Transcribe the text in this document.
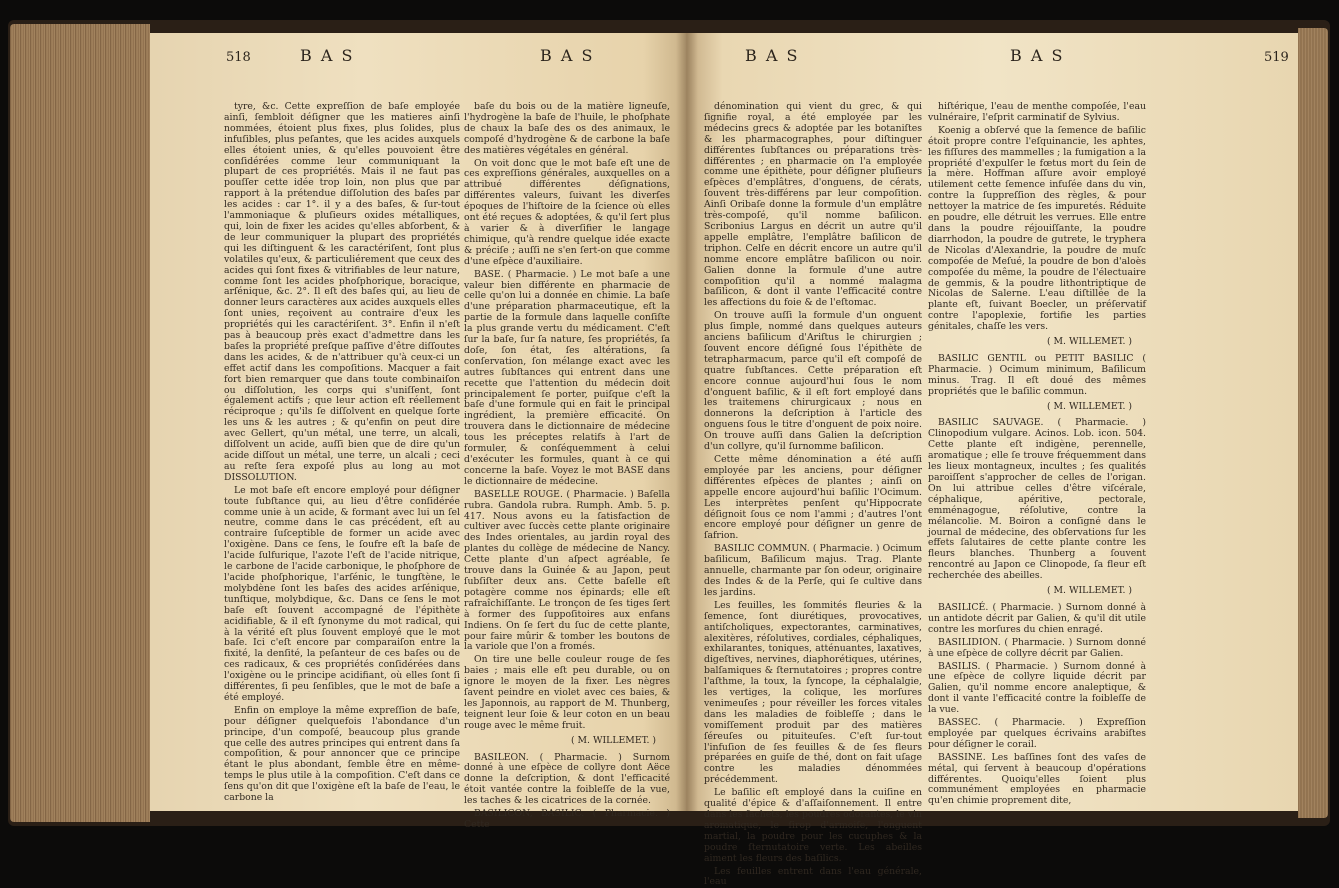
518	B A S	B A S	B A S	B A S	519

tyre, &c. Cette expreſſion de baſe employée ainſi, ſembloit déſigner que les matieres ainſi nommées, étoient plus fixes, plus ſolides, plus infuſibles, plus peſantes, que les acides auxquels elles étoient unies, & qu'elles pouvoient être conſidérées comme leur communiquant la plupart de ces propriétés. Mais il ne faut pas pouſſer cette idée trop loin, non plus que par rapport à la prétendue diſſolution des baſes par les acides : car 1°. il y a des baſes, & ſur-tout l'ammoniaque & pluſieurs oxides métalliques, qui, loin de fixer les acides qu'elles abſorbent, & de leur communiquer la plupart des propriétés qui les diſtinguent & les caractériſent, ſont plus volatiles qu'eux, & particuliérement que ceux des acides qui ſont fixes & vitrifiables de leur nature, comme ſont les acides phoſphorique, boracique, arſénique, &c. 2°. Il eſt des baſes qui, au lieu de donner leurs caractères aux acides auxquels elles ſont unies, reçoivent au contraire d'eux les propriétés qui les caractériſent. 3°. Enfin il n'eſt pas à beaucoup près exact d'admettre dans les baſes la propriété preſque paſſive d'être diſſoutes dans les acides, & de n'attribuer qu'à ceux-ci un effet actif dans les compoſitions. Macquer a fait fort bien remarquer que dans toute combinaiſon ou diſſolution, les corps qui s'uniſſent, ſont également actifs ; que leur action eſt réellement réciproque ; qu'ils ſe diſſolvent en quelque ſorte les uns & les autres ; & qu'enfin on peut dire avec Gellert, qu'un métal, une terre, un alcali, diſſolvent un acide, auſſi bien que de dire qu'un acide diſſout un métal, une terre, un alcali ; ceci au reſte ſera expoſé plus au long au mot DISSOLUTION.

Le mot baſe eſt encore employé pour déſigner toute ſubſtance qui, au lieu d'être conſidérée comme unie à un acide, & formant avec lui un ſel neutre, comme dans le cas précédent, eſt au contraire ſuſceptible de former un acide avec l'oxigène. Dans ce ſens, le ſoufre eſt la baſe de l'acide ſulfurique, l'azote l'eſt de l'acide nitrique, le carbone de l'acide carbonique, le phoſphore de l'acide phoſphorique, l'arſénic, le tungſtène, le molybdène ſont les baſes des acides arſénique, tunſtique, molybdique, &c. Dans ce ſens le mot baſe eſt ſouvent accompagné de l'épithète acidifiable, & il eſt ſynonyme du mot radical, qui à la vérité eſt plus ſouvent employé que le mot baſe. Ici c'eſt encore par comparaiſon entre la fixité, la denſité, la peſanteur de ces baſes ou de ces radicaux, & ces propriétés conſidérées dans l'oxigène ou le principe acidifiant, où elles ſont ſi différentes, ſi peu ſenſibles, que le mot de baſe a été employé.

Enfin on employe la même expreſſion de baſe, pour déſigner quelquefois l'abondance d'un principe, d'un compoſé, beaucoup plus grande que celle des autres principes qui entrent dans ſa compoſition, & pour annoncer que ce principe étant le plus abondant, ſemble être en même-temps le plus utile à la compoſition. C'eſt dans ce ſens qu'on dit que l'oxigène eſt la baſe de l'eau, le carbone la

baſe du bois ou de la matière ligneuſe, l'hydrogène la baſe de l'huile, le phoſphate de chaux la baſe des os des animaux, le compoſé d'hydrogène & de carbone la baſe des matières végétales en général.

On voit donc que le mot baſe eſt une de ces expreſſions générales, auxquelles on a attribué différentes déſignations, différentes valeurs, ſuivant les diverſes époques de l'hiſtoire de la ſcience où elles ont été reçues & adoptées, & qu'il ſert plus à varier & à diverſifier le langage chimique, qu'à rendre quelque idée exacte & préciſe ; auſſi ne s'en ſert-on que comme d'une eſpèce d'auxiliaire.

BASE. ( Pharmacie. ) Le mot baſe a une valeur bien différente en pharmacie de celle qu'on lui a donnée en chimie. La baſe d'une préparation pharmaceutique, eſt la partie de la formule dans laquelle conſiſte la plus grande vertu du médicament. C'eſt ſur la baſe, ſur ſa nature, ſes propriétés, ſa doſe, ſon état, ſes altérations, ſa conſervation, ſon mélange exact avec les autres ſubſtances qui entrent dans une recette que l'attention du médecin doit principalement ſe porter, puiſque c'eſt la baſe d'une formule qui en fait le principal ingrédient, la première efficacité. On trouvera dans le dictionnaire de médecine tous les préceptes relatifs à l'art de formuler, & conſéquemment à celui d'exécuter les formules, quant à ce qui concerne la baſe. Voyez le mot BASE dans le dictionnaire de médecine.

BASELLE ROUGE. ( Pharmacie. ) Baſella rubra. Gandola rubra. Rumph. Amb. 5. p. 417. Nous avons eu la ſatisfaction de cultiver avec ſuccès cette plante originaire des Indes orientales, au jardin royal des plantes du collège de médecine de Nancy. Cette plante d'un aſpect agréable, ſe trouve dans la Guinée & au Japon, peut ſubſiſter deux ans. Cette baſelle eſt potagère comme nos épinards; elle eſt rafraîchiſſante. Le tronçon de ſes tiges ſert à former des ſuppoſitoires aux enfans Indiens. On ſe ſert du ſuc de cette plante, pour faire mûrir & tomber les boutons de la variole que l'on a fromés.

On tire une belle couleur rouge de ſes baies ; mais elle eſt peu durable, ou on ignore le moyen de la fixer. Les nègres ſavent peindre en violet avec ces baies, & les Japonnois, au rapport de M. Thunberg, teignent leur ſoie & leur coton en un beau rouge avec le même fruit.

( M. WILLEMET. )

BASILEON. ( Pharmacie. ) Surnom donné à une eſpèce de collyre dont Aëce donne la deſcription, & dont l'efficacité étoit vantée contre la foibleſſe de la vue, les taches & les cicatrices de la cornée.

BASILICON, BASILIC. ( Pharmacie. ) Cette

dénomination qui vient du grec, & qui ſignifie royal, a été employée par les médecins grecs & adoptée par les botaniſtes & les pharmacographes, pour diſtinguer différentes ſubſtances ou préparations très-différentes ; en pharmacie on l'a employée comme une épithète, pour déſigner pluſieurs eſpèces d'emplâtres, d'onguens, de cérats, ſouvent très-différens par leur compoſition. Ainſi Oribaſe donne la formule d'un emplâtre très-compoſé, qu'il nomme baſilicon. Scribonius Largus en décrit un autre qu'il appelle emplâtre, l'emplâtre baſilicon de triphon. Celſe en décrit encore un autre qu'il nomme encore emplâtre baſilicon ou noir. Galien donne la formule d'une autre compoſition qu'il a nommé malagma baſilicon, & dont il vante l'efficacité contre les affections du foie & de l'eſtomac.

On trouve auſſi la formule d'un onguent plus ſimple, nommé dans quelques auteurs anciens baſilicum d'Ariſtus le chirurgien ; ſouvent encore déſigné ſous l'épithète de tetrapharmacum, parce qu'il eſt compoſé de quatre ſubſtances. Cette préparation eſt encore connue aujourd'hui ſous le nom d'onguent baſilic, & il eſt fort employé dans les traitemens chirurgicaux ; nous en donnerons la deſcription à l'article des onguens ſous le titre d'onguent de poix noire. On trouve auſſi dans Galien la deſcription d'un collyre, qu'il ſurnomme baſilicon.

Cette même dénomination a été auſſi employée par les anciens, pour déſigner différentes eſpèces de plantes ; ainſi on appelle encore aujourd'hui baſilic l'Ocimum. Les interprètes penſent qu'Hippocrate déſignoit ſous ce nom l'ammi ; d'autres l'ont encore employé pour déſigner un genre de ſafrion.

BASILIC COMMUN. ( Pharmacie. ) Ocimum baſilicum, Baſilicum majus. Trag. Plante annuelle, charmante par ſon odeur, originaire des Indes & de la Perſe, qui ſe cultive dans les jardins.

Les feuilles, les ſommités fleuries & la ſemence, ſont diurétiques, provocatives, antiſcholiques, expectorantes, carminatives, alexitères, réſolutives, cordiales, céphaliques, exhilarantes, toniques, atténuantes, laxatives, digeſtives, nervines, diaphorétiques, utérines, balſamiques & ſternutatoires ; propres contre l'aſthme, la toux, la ſyncope, la céphalalgie, les vertiges, la colique, les morſures venimeuſes ; pour réveiller les forces vitales dans les maladies de foibleſſe ; dans le vomiſſement produit par des matières ſéreuſes ou pituiteuſes. C'eſt ſur-tout l'infuſion de ſes feuilles & de ſes fleurs préparées en guiſe de thé, dont on fait uſage contre les maladies dénommées précédemment.

Le baſilic eſt employé dans la cuiſine en qualité d'épice & d'aſſaiſonnement. Il entre dans les ſachets, les poudres odorantes, le vin aromatique, le ſirop d'armoiſe, l'onguent martial, la poudre pour les cucuphes & la poudre ſternutatoire verte. Les abeilles aiment les fleurs des baſilics.

Les feuilles entrent dans l'eau générale, l'eau

hiſtérique, l'eau de menthe compoſée, l'eau vulnéraire, l'eſprit carminatif de Sylvius.

Koenig a obſervé que la ſemence de baſilic étoit propre contre l'eſquinancie, les aphtes, les fiſſures des mammelles ; la fumigation a la propriété d'expulſer le fœtus mort du ſein de la mère. Hoffman aſſure avoir employé utilement cette ſemence infuſée dans du vin, contre la ſuppreſſion des règles, & pour nettoyer la matrice de ſes impuretés. Réduite en poudre, elle détruit les verrues. Elle entre dans la poudre réjouiſſante, la poudre diarrhodon, la poudre de gutrete, le tryphera de Nicolas d'Alexandrie, la poudre de muſc compoſée de Meſué, la poudre de bon d'aloès compoſée du même, la poudre de l'électuaire de gemmis, & la poudre lithontriptique de Nicolas de Salerne. L'eau diſtillée de la plante eſt, ſuivant Boecler, un préſervatif contre l'apoplexie, fortifie les parties génitales, chaſſe les vers.

( M. WILLEMET. )

BASILIC GENTIL ou PETIT BASILIC ( Pharmacie. ) Ocimum minimum, Baſilicum minus. Trag. Il eſt doué des mêmes propriétés que le baſilic commun.

( M. WILLEMET. )

BASILIC SAUVAGE. ( Pharmacie. ) Clinopodium vulgare. Acinos. Lob. icon. 504. Cette plante eſt indigène, perennelle, aromatique ; elle ſe trouve fréquemment dans les lieux montagneux, incultes ; ſes qualités paroiſſent s'approcher de celles de l'origan. On lui attribue celles d'être viſcérale, céphalique, apéritive, pectorale, emménagogue, réſolutive, contre la mélancolie. M. Boiron a conſigné dans le journal de médecine, des obſervations ſur les effets ſalutaires de cette plante contre les fleurs blanches. Thunberg a ſouvent rencontré au Japon ce Clinopode, ſa fleur eſt recherchée des abeilles.

( M. WILLEMET. )

BASILICÉ. ( Pharmacie. ) Surnom donné à un antidote décrit par Galien, & qu'il dit utile contre les morſures du chien enragé.

BASILIDION. ( Pharmacie. ) Surnom donné à une eſpèce de collyre décrit par Galien.

BASILIS. ( Pharmacie. ) Surnom donné à une eſpèce de collyre liquide décrit par Galien, qu'il nomme encore analeptique, & dont il vante l'efficacité contre la foibleſſe de la vue.

BASSEC. ( Pharmacie. ) Expreſſion employée par quelques écrivains arabiſtes pour déſigner le corail.

BASSINE. Les baſſines ſont des vaſes de métal, qui ſervent à beaucoup d'opérations différentes. Quoiqu'elles ſoient plus communément employées en pharmacie qu'en chimie proprement dite,
